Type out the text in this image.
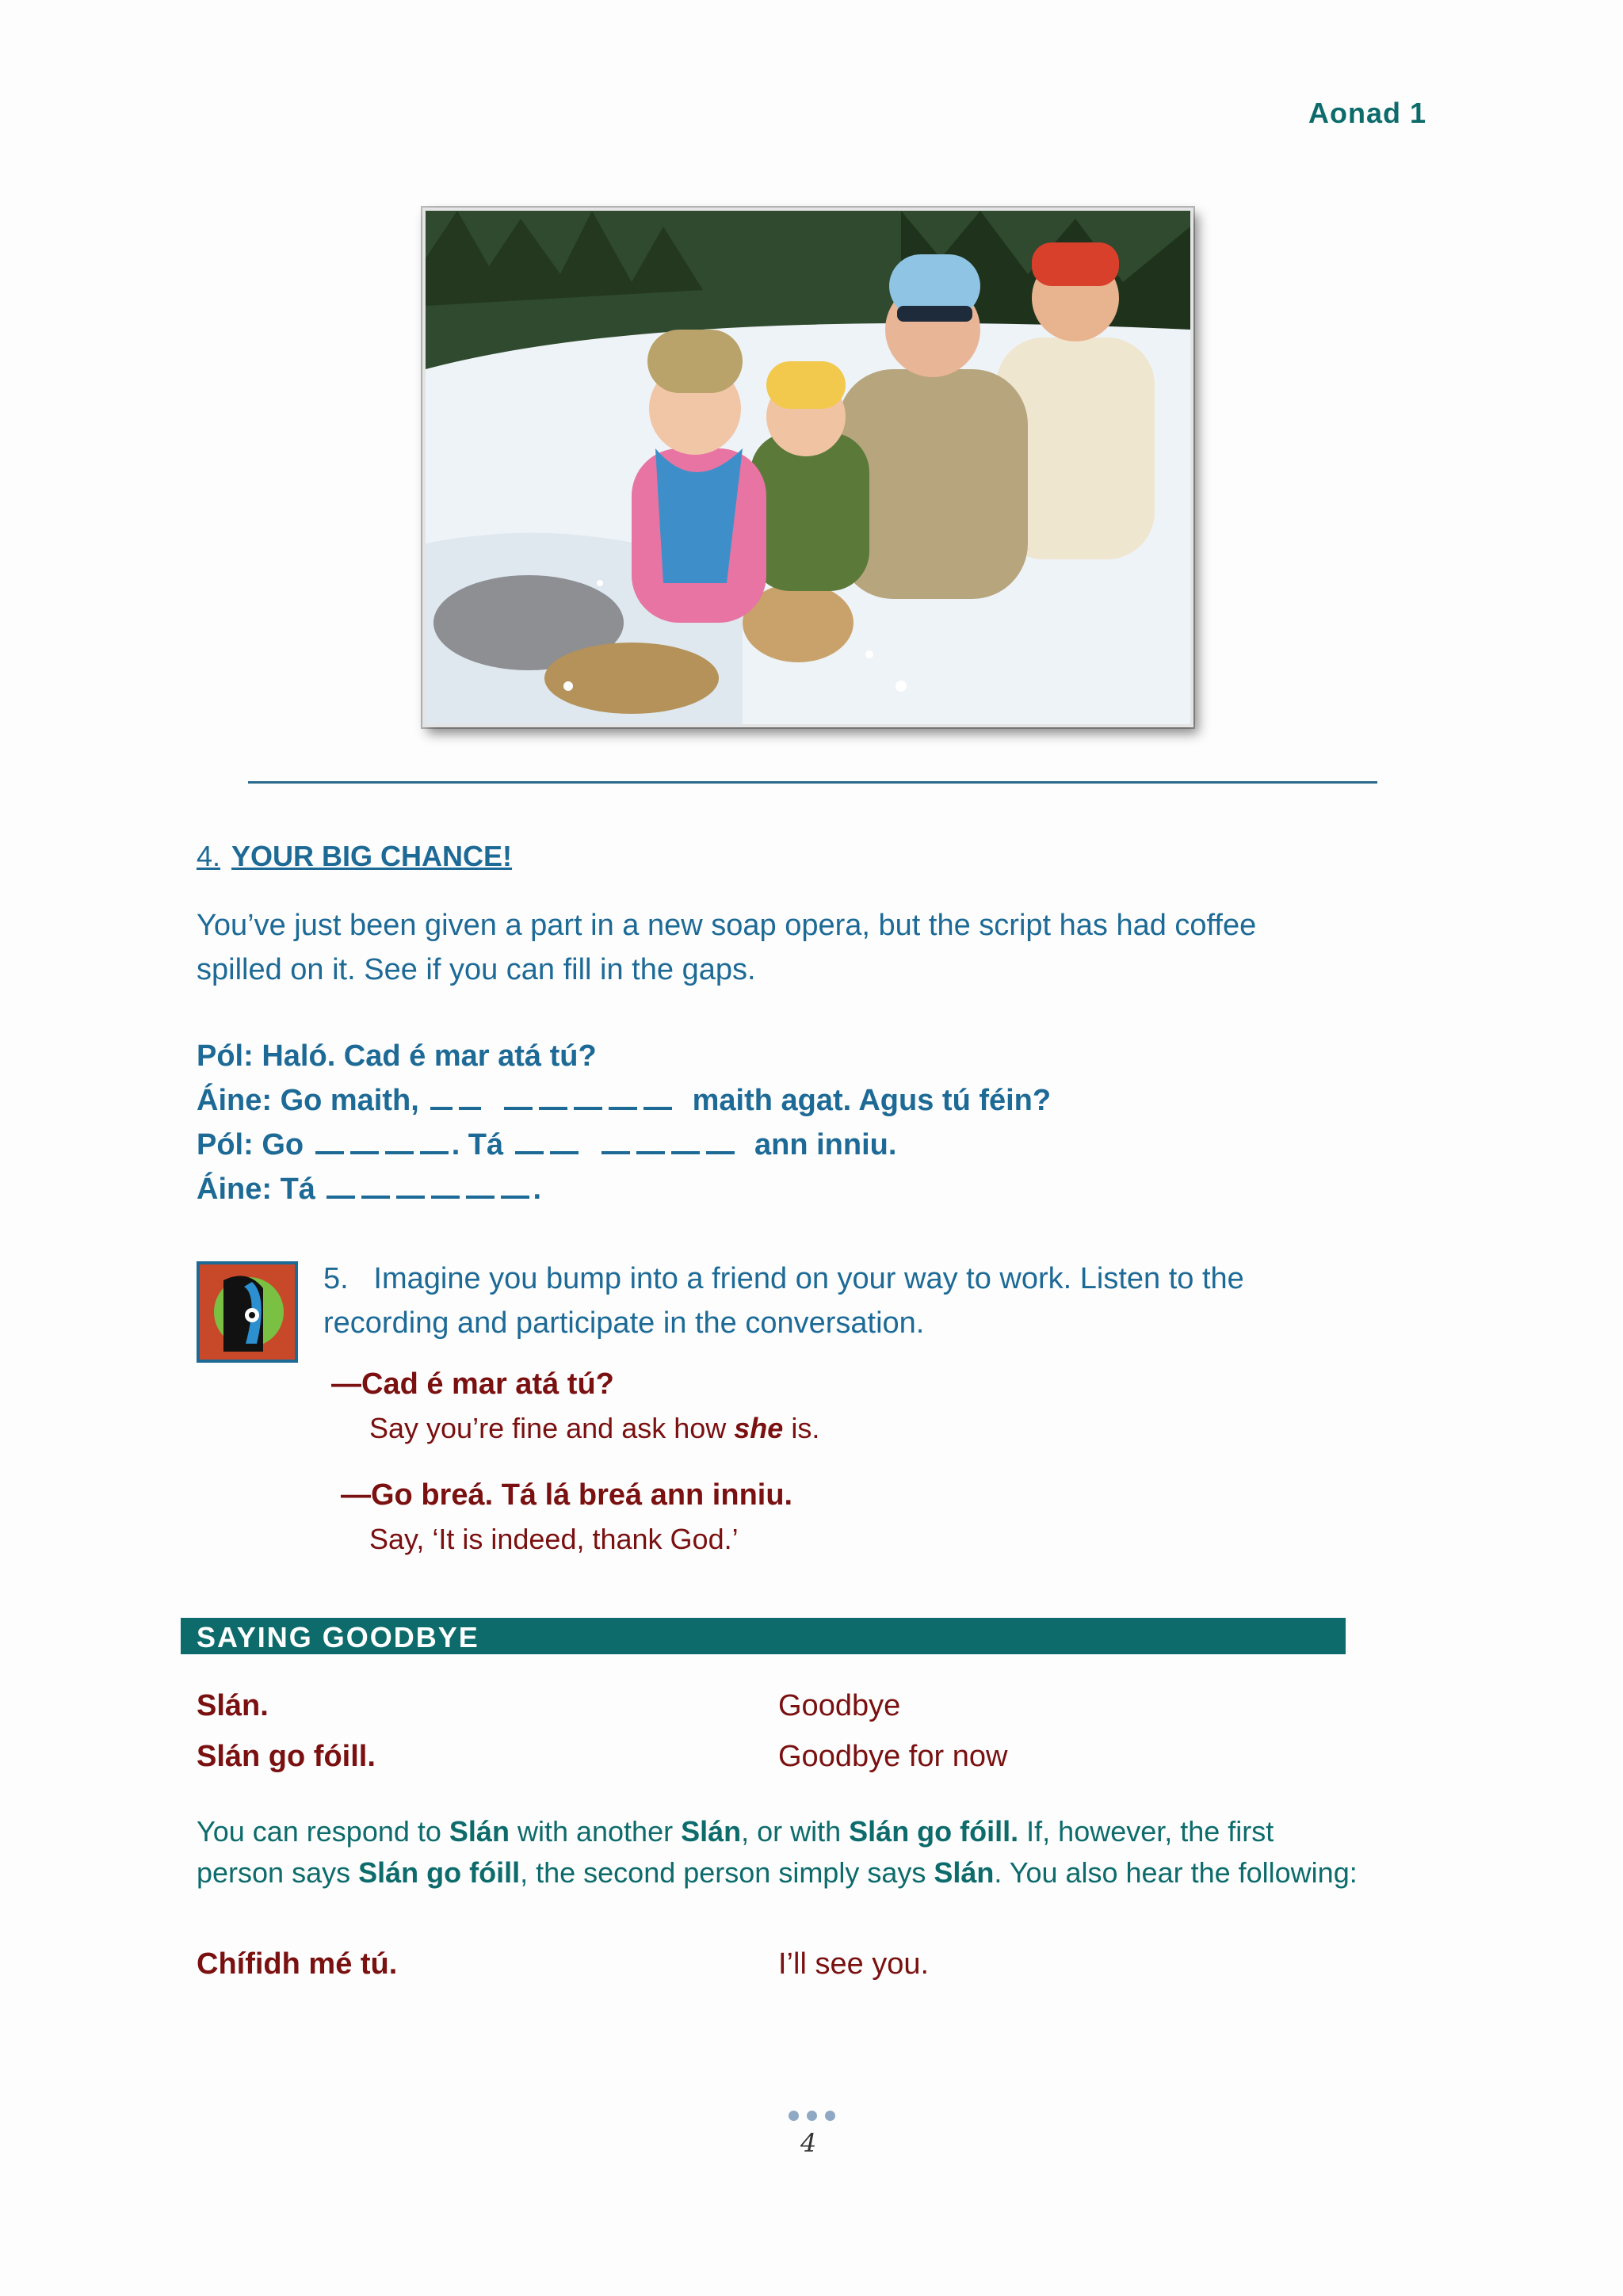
Aonad 1
4. YOUR BIG CHANCE!
You’ve just been given a part in a new soap opera, but the script has had coffee
spilled on it. See if you can fill in the gaps.
Pól: Haló. Cad é mar atá tú?
Áine: Go maith,	maith agat. Agus tú féin?
Pól: Go	. Tá	ann inniu.
Áine: Tá	.
5. Imagine you bump into a friend on your way to work. Listen to the
recording and participate in the conversation.
—Cad é mar atá tú?
Say you’re fine and ask how she is.
—Go breá. Tá lá breá ann inniu.
Say, ‘It is indeed, thank God.’
SAYING GOODBYE
Slán.	Goodbye
Slán go fóill.	Goodbye for now
You can respond to Slán with another Slán, or with Slán go fóill. If, however, the first
person says Slán go fóill, the second person simply says Slán. You also hear the following:
Chífidh mé tú.	I’ll see you.
4
